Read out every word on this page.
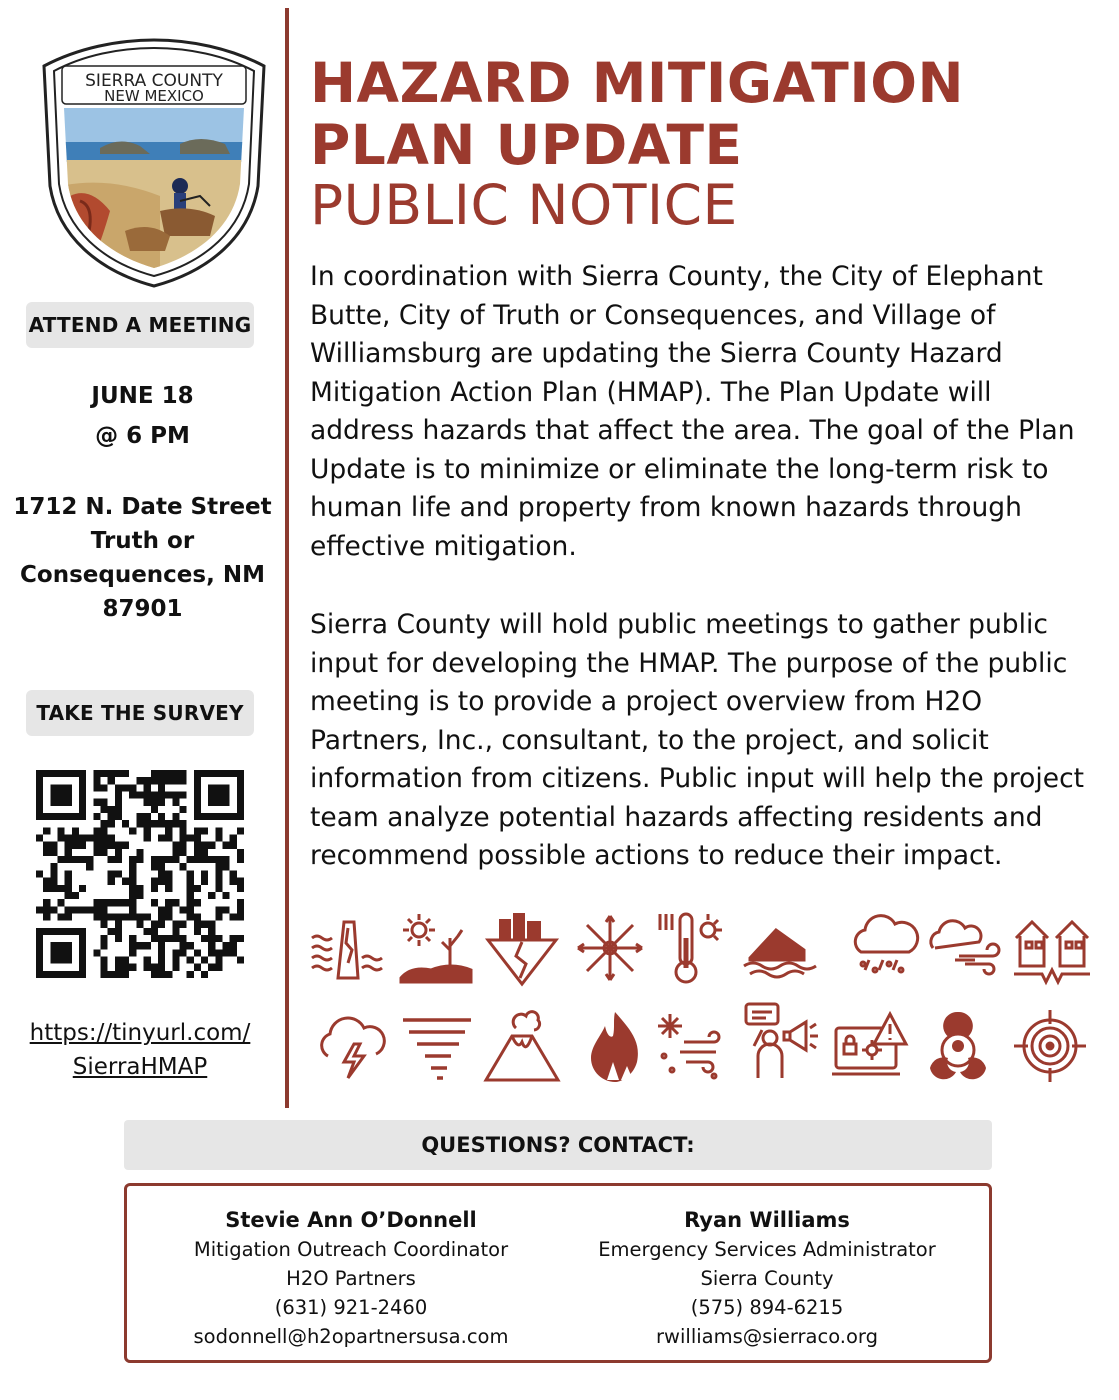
SIERRA COUNTY
NEW MEXICO
ATTEND A MEETING
JUNE 18
@ 6 PM
1712 N. Date Street
Truth or
Consequences, NM
87901
TAKE THE SURVEY
https://tinyurl.com/
SierraHMAP
HAZARD MITIGATION
PLAN UPDATE
PUBLIC NOTICE
In coordination with Sierra County, the City of Elephant Butte, City of Truth or Consequences, and Village of Williamsburg are updating the Sierra County Hazard Mitigation Action Plan (HMAP). The Plan Update will address hazards that affect the area. The goal of the Plan Update is to minimize or eliminate the long-term risk to human life and property from known hazards through effective mitigation.
Sierra County will hold public meetings to gather public input for developing the HMAP. The purpose of the public meeting is to provide a project overview from H2O Partners, Inc., consultant, to the project, and solicit information from citizens. Public input will help the project team analyze potential hazards affecting residents and recommend possible actions to reduce their impact.
QUESTIONS? CONTACT:
Stevie Ann O’Donnell
Mitigation Outreach Coordinator
H2O Partners
(631) 921-2460
sodonnell@h2opartnersusa.com
Ryan Williams
Emergency Services Administrator
Sierra County
(575) 894-6215
rwilliams@sierraco.org
